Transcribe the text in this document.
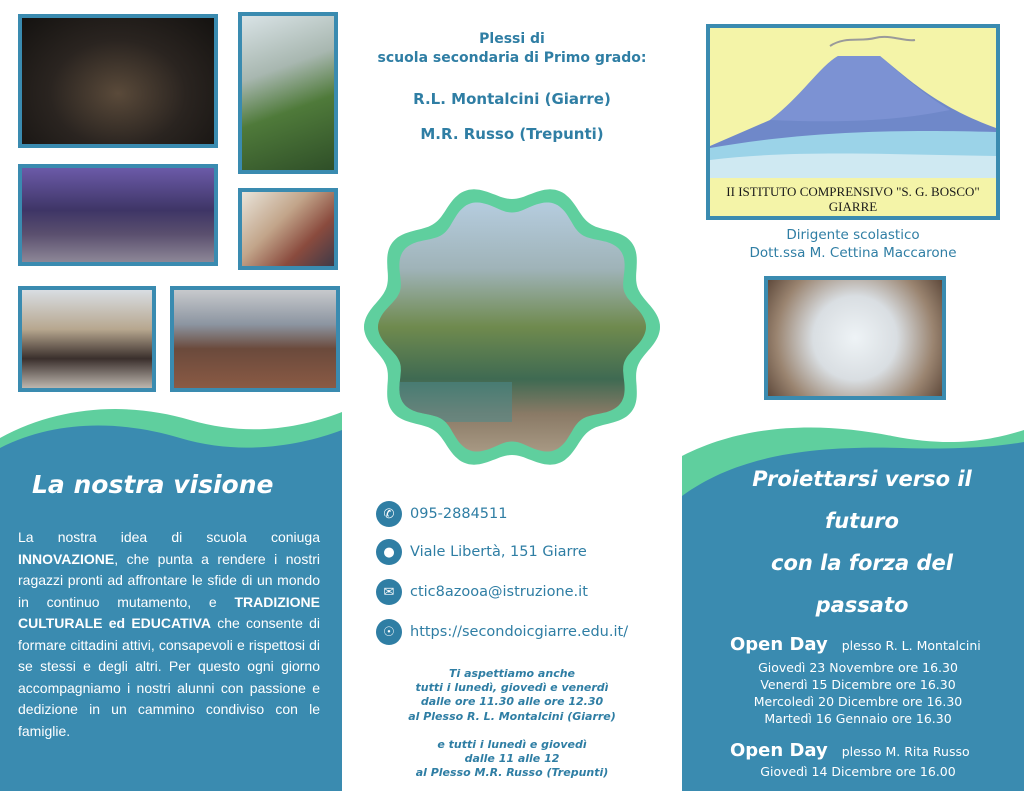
La nostra visione

La nostra idea di scuola coniuga INNOVAZIONE, che punta a rendere i nostri ragazzi pronti ad affrontare le sfide di un mondo in continuo mutamento, e TRADIZIONE CULTURALE ed EDUCATIVA che consente di formare cittadini attivi, consapevoli e rispettosi di se stessi e degli altri. Per questo ogni giorno accompagniamo i nostri alunni con passione e dedizione in un cammino condiviso con le famiglie.

Plessi di
scuola secondaria di Primo grado:
R.L. Montalcini (Giarre)
M.R. Russo (Trepunti)
✆	095-2884511
●	Viale Libertà, 151 Giarre
✉	ctic8azooa@istruzione.it
☉	https://secondoicgiarre.edu.it/
Ti aspettiamo anche
tutti i lunedì, giovedì e venerdì
dalle ore 11.30 alle ore 12.30
al Plesso R. L. Montalcini (Giarre)
e tutti i lunedì e giovedì
dalle 11 alle 12
al Plesso M.R. Russo (Trepunti)
II ISTITUTO COMPRENSIVO "S. G. BOSCO"
GIARRE
Dirigente scolastico
Dott.ssa M. Cettina Maccarone
Proiettarsi verso il
futuro
con la forza del
passato
Open Day plesso R. L. Montalcini
Giovedì 23 Novembre ore 16.30
Venerdì 15 Dicembre ore 16.30
Mercoledì 20 Dicembre ore 16.30
Martedì 16 Gennaio ore 16.30
Open Day plesso M. Rita Russo
Giovedì 14 Dicembre ore 16.00
